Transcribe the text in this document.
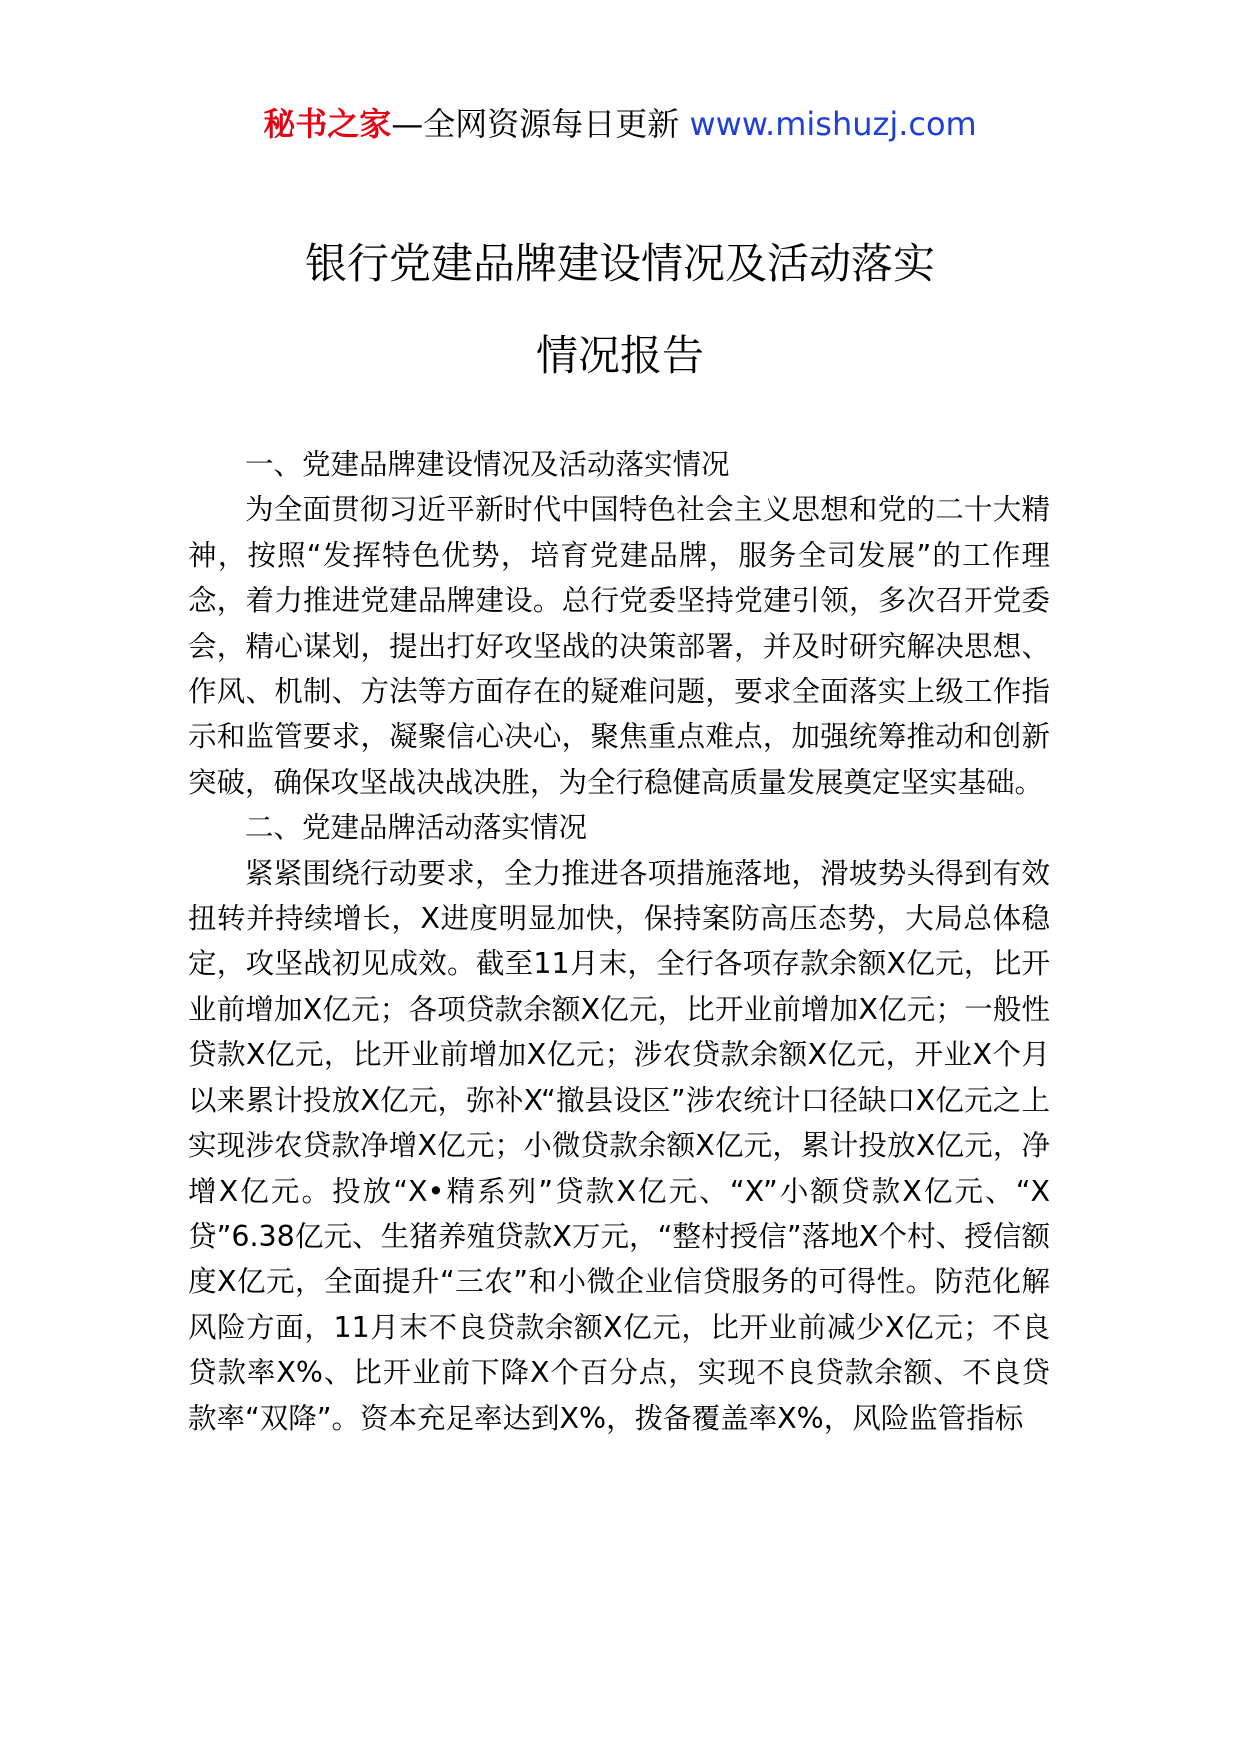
秘书之家—全网资源每日更新 www.mishuzj.com
银行党建品牌建设情况及活动落实
情况报告

一、党建品牌建设情况及活动落实情况

为全面贯彻习近平新时代中国特色社会主义思想和党的二十大精神，按照“发挥特色优势，培育党建品牌，服务全司发展”的工作理念，着力推进党建品牌建设。总行党委坚持党建引领，多次召开党委会，精心谋划，提出打好攻坚战的决策部署，并及时研究解决思想、作风、机制、方法等方面存在的疑难问题，要求全面落实上级工作指示和监管要求，凝聚信心决心，聚焦重点难点，加强统筹推动和创新突破，确保攻坚战决战决胜，为全行稳健高质量发展奠定坚实基础。

二、党建品牌活动落实情况

紧紧围绕行动要求，全力推进各项措施落地，滑坡势头得到有效扭转并持续增长，X进度明显加快，保持案防高压态势，大局总体稳定，攻坚战初见成效。截至11月末，全行各项存款余额X亿元，比开业前增加X亿元；各项贷款余额X亿元，比开业前增加X亿元；一般性贷款X亿元，比开业前增加X亿元；涉农贷款余额X亿元，开业X个月以来累计投放X亿元，弥补X“撤县设区”涉农统计口径缺口X亿元之上实现涉农贷款净增X亿元；小微贷款余额X亿元，累计投放X亿元，净增X亿元。投放“X•精系列”贷款X亿元、“X”小额贷款X亿元、“X贷”6.38亿元、生猪养殖贷款X万元，“整村授信”落地X个村、授信额度X亿元，全面提升“三农”和小微企业信贷服务的可得性。防范化解风险方面，11月末不良贷款余额X亿元，比开业前减少X亿元；不良贷款率X%、比开业前下降X个百分点，实现不良贷款余额、不良贷款率“双降”。资本充足率达到X%，拨备覆盖率X%，风险监管指标
